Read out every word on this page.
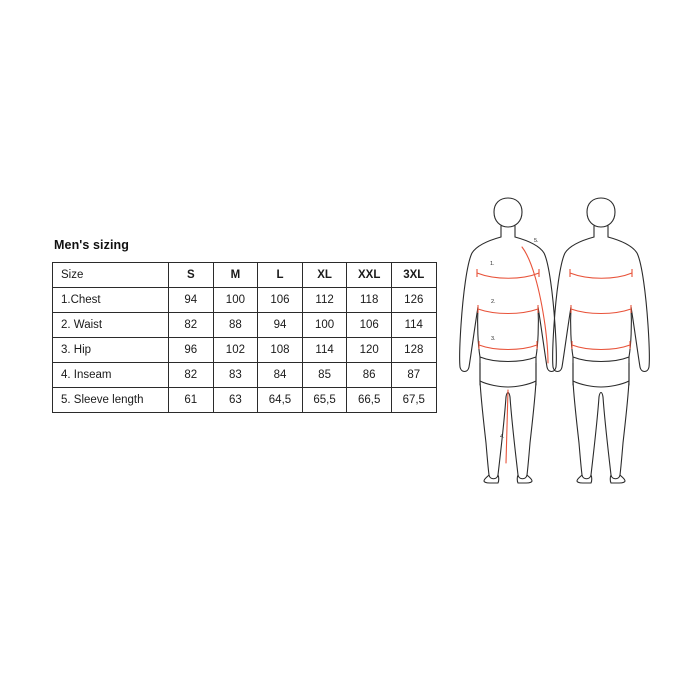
Men's sizing
Size	S	M	L	XL	XXL	3XL
1.Chest	94	100	106	112	118	126
2. Waist	82	88	94	100	106	114
3. Hip	96	102	108	114	120	128
4. Inseam	82	83	84	85	86	87
5. Sleeve length	61	63	64,5	65,5	66,5	67,5
1.
2.
3.
4.
5.
